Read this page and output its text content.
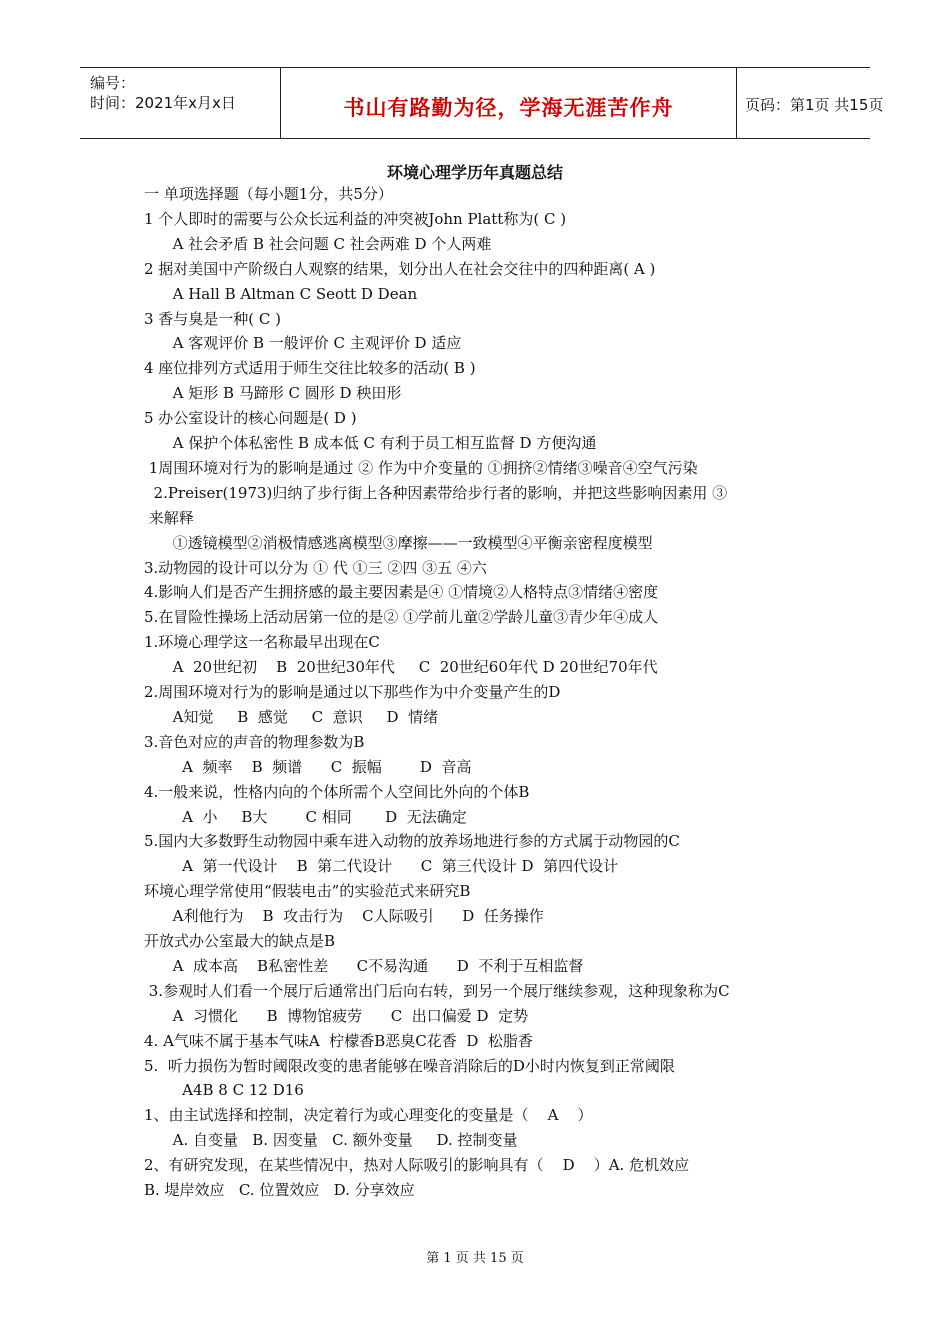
编号：
时间：2021年x月x日	书山有路勤为径，学海无涯苦作舟	页码：第1页 共15页
环境心理学历年真题总结
一 单项选择题（每小题1分，共5分）
1 个人即时的需要与公众长远利益的冲突被John Platt称为( C )
A 社会矛盾 B 社会问题 C 社会两难 D 个人两难
2 据对美国中产阶级白人观察的结果，划分出人在社会交往中的四种距离( A )
A Hall B Altman C Seott D Dean
3 香与臭是一种( C )
A 客观评价 B 一般评价 C 主观评价 D 适应
4 座位排列方式适用于师生交往比较多的活动( B )
A 矩形 B 马蹄形 C 圆形 D 秧田形
5 办公室设计的核心问题是( D )
A 保护个体私密性 B 成本低 C 有利于员工相互监督 D 方便沟通
1周围环境对行为的影响是通过 ② 作为中介变量的 ①拥挤②情绪③噪音④空气污染
2.Preiser(1973)归纳了步行街上各种因素带给步行者的影响，并把这些影响因素用 ③
来解释
①透镜模型②消极情感逃离模型③摩擦——一致模型④平衡亲密程度模型
3.动物园的设计可以分为 ① 代 ①三 ②四 ③五 ④六
4.影响人们是否产生拥挤感的最主要因素是④ ①情境②人格特点③情绪④密度
5.在冒险性操场上活动居第一位的是② ①学前儿童②学龄儿童③青少年④成人
1.环境心理学这一名称最早出现在C
A  20世纪初    B  20世纪30年代     C  20世纪60年代 D 20世纪70年代
2.周围环境对行为的影响是通过以下那些作为中介变量产生的D
A知觉     B  感觉     C  意识     D  情绪
3.音色对应的声音的物理参数为B
A  频率    B  频谱      C  振幅        D  音高
4.一般来说，性格内向的个体所需个人空间比外向的个体B
A  小     B大        C 相同       D  无法确定
5.国内大多数野生动物园中乘车进入动物的放养场地进行参的方式属于动物园的C
A  第一代设计    B  第二代设计      C  第三代设计 D  第四代设计
环境心理学常使用“假装电击”的实验范式来研究B
A利他行为    B  攻击行为    C人际吸引      D  任务操作
开放式办公室最大的缺点是B
A  成本高    B私密性差      C不易沟通      D  不利于互相监督
3.参观时人们看一个展厅后通常出门后向右转，到另一个展厅继续参观，这种现象称为C
A  习惯化      B  博物馆疲劳      C  出口偏爱 D  定势
4. A气味不属于基本气味A  柠檬香B恶臭C花香  D  松脂香
5.  听力损伤为暂时阈限改变的患者能够在噪音消除后的D小时内恢复到正常阈限
A4B 8 C 12 D16
1、由主试选择和控制，决定着行为或心理变化的变量是（    A    ）
A. 自变量   B. 因变量   C. 额外变量     D. 控制变量
2、有研究发现，在某些情况中，热对人际吸引的影响具有（    D    ）A. 危机效应
B. 堤岸效应   C. 位置效应   D. 分享效应
第 1 页 共 15 页
